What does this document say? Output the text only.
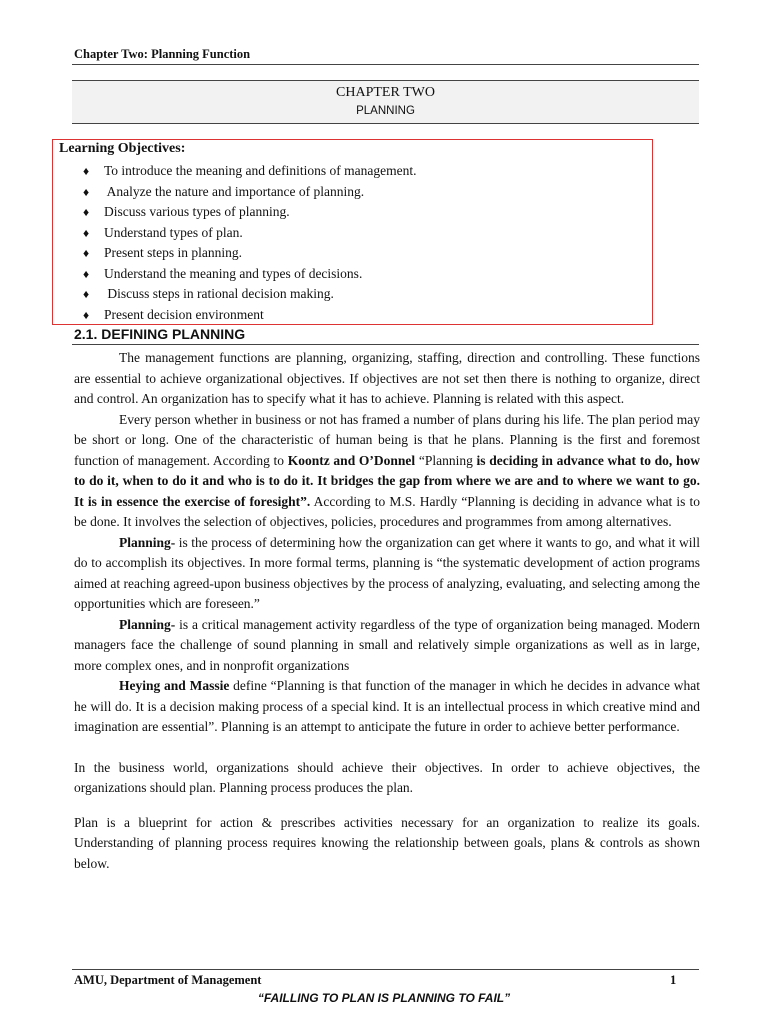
Chapter Two: Planning Function
CHAPTER TWO
PLANNING
Learning Objectives:
♦ To introduce the meaning and definitions of management.
♦ Analyze the nature and importance of planning.
♦ Discuss various types of planning.
♦ Understand types of plan.
♦ Present steps in planning.
♦ Understand the meaning and types of decisions.
♦ Discuss steps in rational decision making.
♦ Present decision environment
2.1. DEFINING PLANNING

The management functions are planning, organizing, staffing, direction and controlling. These functions are essential to achieve organizational objectives. If objectives are not set then there is nothing to organize, direct and control. An organization has to specify what it has to achieve. Planning is related with this aspect.

Every person whether in business or not has framed a number of plans during his life. The plan period may be short or long. One of the characteristic of human being is that he plans. Planning is the first and foremost function of management. According to Koontz and O’Donnel “Planning is deciding in advance what to do, how to do it, when to do it and who is to do it. It bridges the gap from where we are and to where we want to go. It is in essence the exercise of foresight”. According to M.S. Hardly “Planning is deciding in advance what is to be done. It involves the selection of objectives, policies, procedures and programmes from among alternatives.

Planning- is the process of determining how the organization can get where it wants to go, and what it will do to accomplish its objectives. In more formal terms, planning is “the systematic development of action programs aimed at reaching agreed-upon business objectives by the process of analyzing, evaluating, and selecting among the opportunities which are foreseen.”

Planning- is a critical management activity regardless of the type of organization being managed. Modern managers face the challenge of sound planning in small and relatively simple organizations as well as in large, more complex ones, and in nonprofit organizations

Heying and Massie define “Planning is that function of the manager in which he decides in advance what he will do. It is a decision making process of a special kind. It is an intellectual process in which creative mind and imagination are essential”. Planning is an attempt to anticipate the future in order to achieve better performance.

In the business world, organizations should achieve their objectives. In order to achieve objectives, the organizations should plan. Planning process produces the plan.

Plan is a blueprint for action & prescribes activities necessary for an organization to realize its goals. Understanding of planning process requires knowing the relationship between goals, plans & controls as shown below.

AMU, Department of Management	1
“FAILLING TO PLAN IS PLANNING TO FAIL”
